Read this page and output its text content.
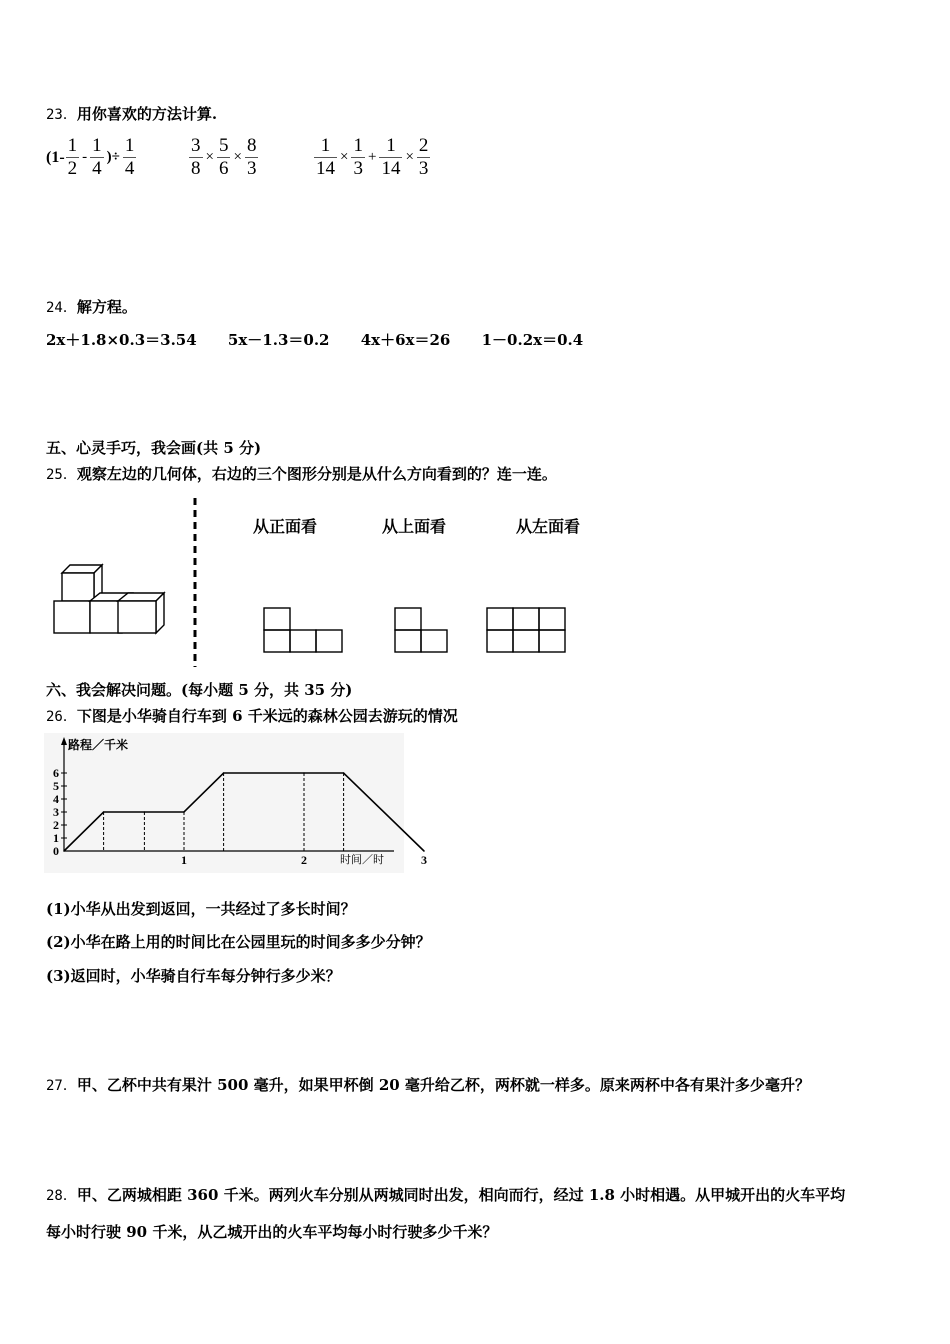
23．用你喜欢的方法计算.
($1- \frac{1}{2} - \frac{1}{4}$ )÷ $\frac{1}{4}$	$\frac{3}{8} \times \frac{5}{6} \times \frac{8}{3}$	$\frac{1}{14} \times \frac{1}{3} + \frac{1}{14} \times \frac{2}{3}$
24．解方程。
2x＋1.8×0.3＝3.54 5x－1.3＝0.2 4x＋6x＝26 1－0.2x＝0.4
五、心灵手巧，我会画(共 5 分)
25．观察左边的几何体，右边的三个图形分别是从什么方向看到的？连一连。
从正面看	从上面看	从左面看
六、我会解决问题。(每小题 5 分，共 35 分)
26．下图是小华骑自行车到 6 千米远的森林公园去游玩的情况
路程／千米
时间／时
0
1
2
3
4
5
6
1	2	3
(1)小华从出发到返回，一共经过了多长时间？
(2)小华在路上用的时间比在公园里玩的时间多多少分钟？
(3)返回时，小华骑自行车每分钟行多少米？
27．甲、乙杯中共有果汁 500 毫升，如果甲杯倒 20 毫升给乙杯，两杯就一样多。原来两杯中各有果汁多少毫升？
28．甲、乙两城相距 360 千米。两列火车分别从两城同时出发，相向而行，经过 1.8 小时相遇。从甲城开出的火车平均
每小时行驶 90 千米，从乙城开出的火车平均每小时行驶多少千米？
